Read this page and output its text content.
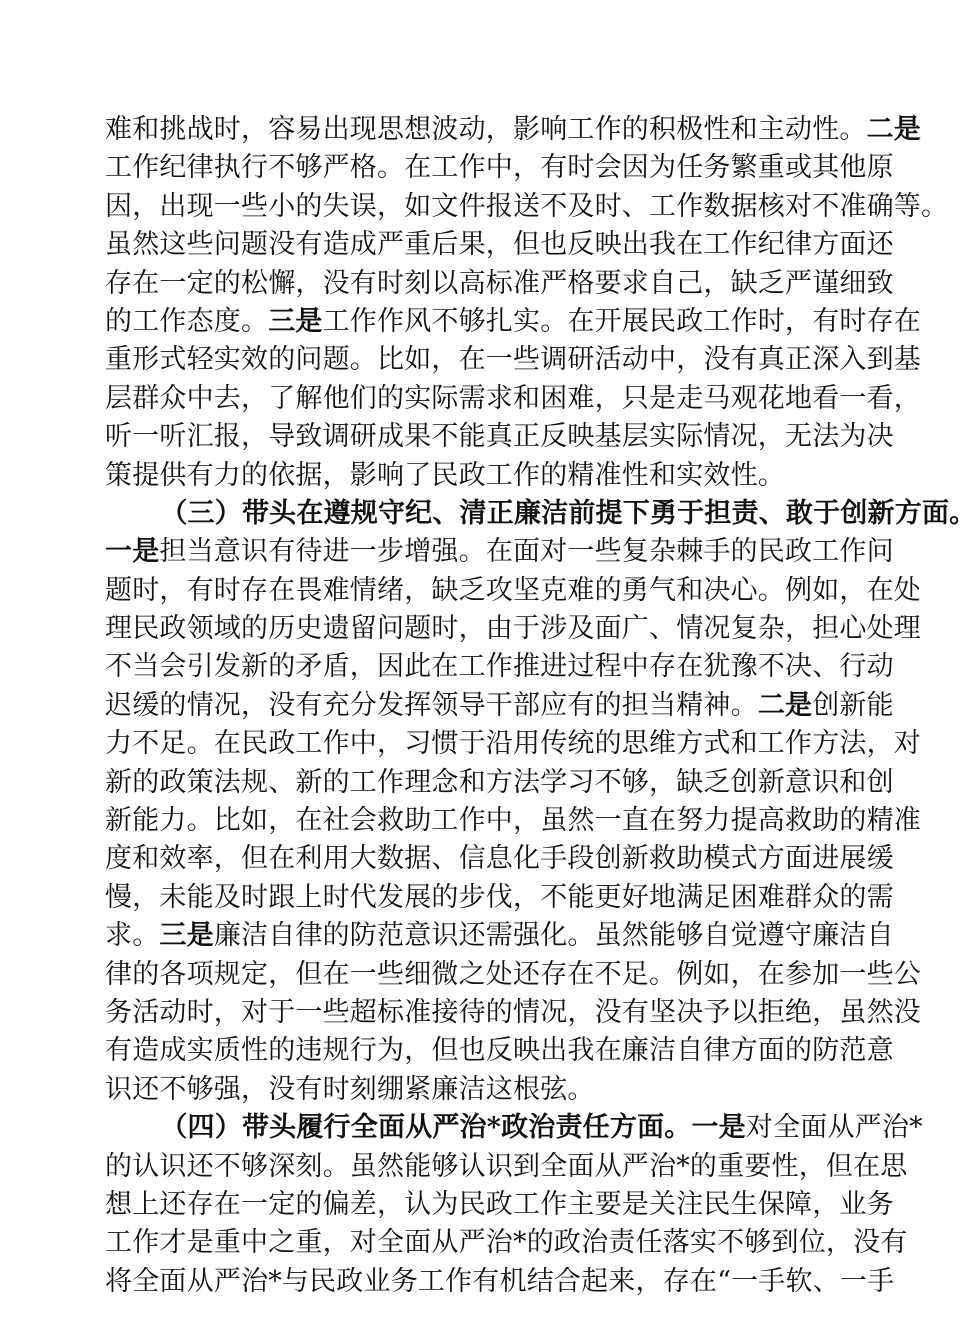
难和挑战时，容易出现思想波动，影响工作的积极性和主动性。二是
工作纪律执行不够严格。在工作中，有时会因为任务繁重或其他原
因，出现一些小的失误，如文件报送不及时、工作数据核对不准确等。
虽然这些问题没有造成严重后果，但也反映出我在工作纪律方面还
存在一定的松懈，没有时刻以高标准严格要求自己，缺乏严谨细致
的工作态度。三是工作作风不够扎实。在开展民政工作时，有时存在
重形式轻实效的问题。比如，在一些调研活动中，没有真正深入到基
层群众中去，了解他们的实际需求和困难，只是走马观花地看一看，
听一听汇报，导致调研成果不能真正反映基层实际情况，无法为决
策提供有力的依据，影响了民政工作的精准性和实效性。
（三）带头在遵规守纪、清正廉洁前提下勇于担责、敢于创新方面。
一是担当意识有待进一步增强。在面对一些复杂棘手的民政工作问
题时，有时存在畏难情绪，缺乏攻坚克难的勇气和决心。例如，在处
理民政领域的历史遗留问题时，由于涉及面广、情况复杂，担心处理
不当会引发新的矛盾，因此在工作推进过程中存在犹豫不决、行动
迟缓的情况，没有充分发挥领导干部应有的担当精神。二是创新能
力不足。在民政工作中，习惯于沿用传统的思维方式和工作方法，对
新的政策法规、新的工作理念和方法学习不够，缺乏创新意识和创
新能力。比如，在社会救助工作中，虽然一直在努力提高救助的精准
度和效率，但在利用大数据、信息化手段创新救助模式方面进展缓
慢，未能及时跟上时代发展的步伐，不能更好地满足困难群众的需
求。三是廉洁自律的防范意识还需强化。虽然能够自觉遵守廉洁自
律的各项规定，但在一些细微之处还存在不足。例如，在参加一些公
务活动时，对于一些超标准接待的情况，没有坚决予以拒绝，虽然没
有造成实质性的违规行为，但也反映出我在廉洁自律方面的防范意
识还不够强，没有时刻绷紧廉洁这根弦。
（四）带头履行全面从严治*政治责任方面。一是对全面从严治*
的认识还不够深刻。虽然能够认识到全面从严治*的重要性，但在思
想上还存在一定的偏差，认为民政工作主要是关注民生保障，业务
工作才是重中之重，对全面从严治*的政治责任落实不够到位，没有
将全面从严治*与民政业务工作有机结合起来，存在“一手软、一手
